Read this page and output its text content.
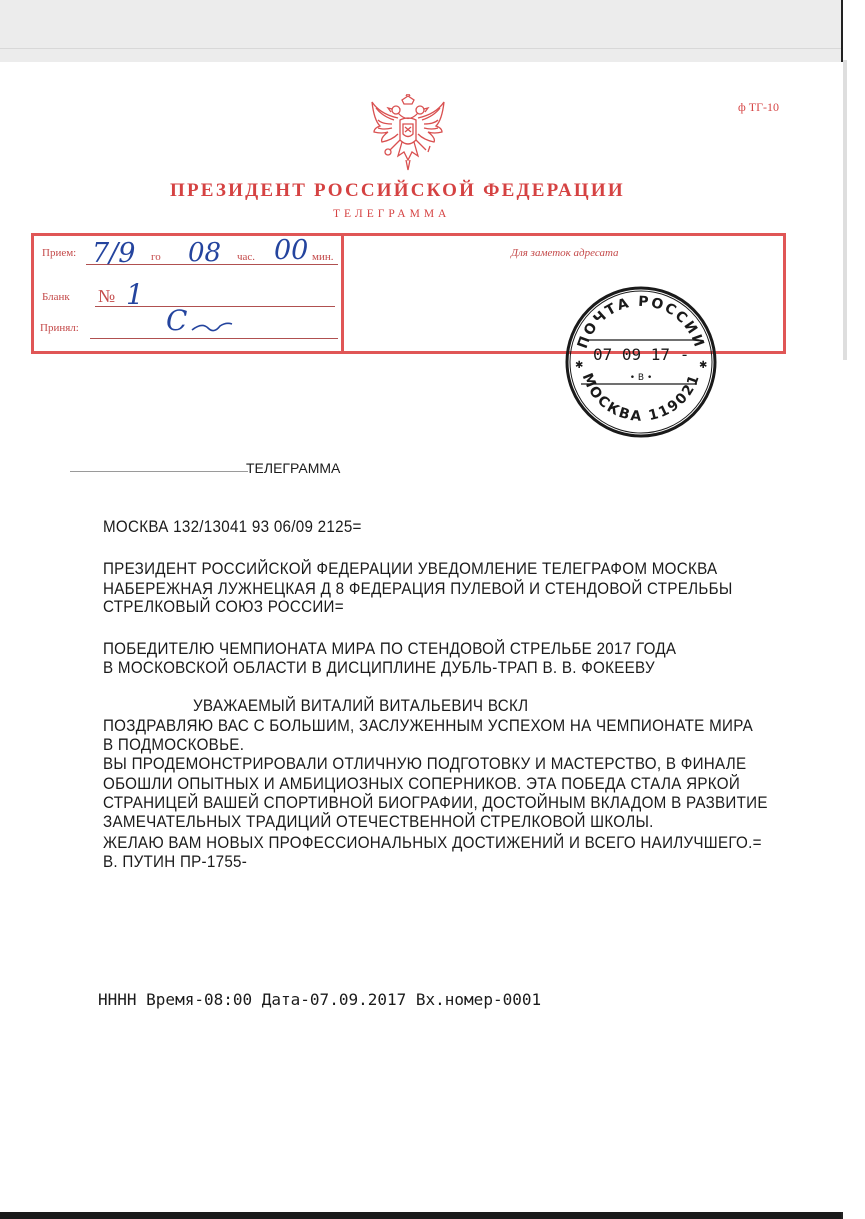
ф ТГ-10
ПРЕЗИДЕНТ РОССИЙСКОЙ ФЕДЕРАЦИИ
ТЕЛЕГРАММА
Прием: 7/9 го 08 час. 00 мин.
Бланк № 1
Принял:	С
Для заметок адресата
ПОЧТА РОССИИ
✱	✱
07 09 17 -
• В •
МОСКВА 119021
ТЕЛЕГРАММА
МОСКВА 132/13041 93 06/09 2125=
ПРЕЗИДЕНТ РОССИЙСКОЙ ФЕДЕРАЦИИ УВЕДОМЛЕНИЕ ТЕЛЕГРАФОМ МОСКВА
НАБЕРЕЖНАЯ ЛУЖНЕЦКАЯ Д 8 ФЕДЕРАЦИЯ ПУЛЕВОЙ И СТЕНДОВОЙ СТРЕЛЬБЫ
СТРЕЛКОВЫЙ СОЮЗ РОССИИ=
ПОБЕДИТЕЛЮ ЧЕМПИОНАТА МИРА ПО СТЕНДОВОЙ СТРЕЛЬБЕ 2017 ГОДА
В МОСКОВСКОЙ ОБЛАСТИ В ДИСЦИПЛИНЕ ДУБЛЬ-ТРАП В. В. ФОКЕЕВУ
УВАЖАЕМЫЙ ВИТАЛИЙ ВИТАЛЬЕВИЧ ВСКЛ
ПОЗДРАВЛЯЮ ВАС С БОЛЬШИМ, ЗАСЛУЖЕННЫМ УСПЕХОМ НА ЧЕМПИОНАТЕ МИРА
В ПОДМОСКОВЬЕ.
ВЫ ПРОДЕМОНСТРИРОВАЛИ ОТЛИЧНУЮ ПОДГОТОВКУ И МАСТЕРСТВО, В ФИНАЛЕ
ОБОШЛИ ОПЫТНЫХ И АМБИЦИОЗНЫХ СОПЕРНИКОВ. ЭТА ПОБЕДА СТАЛА ЯРКОЙ
СТРАНИЦЕЙ ВАШЕЙ СПОРТИВНОЙ БИОГРАФИИ, ДОСТОЙНЫМ ВКЛАДОМ В РАЗВИТИЕ
ЗАМЕЧАТЕЛЬНЫХ ТРАДИЦИЙ ОТЕЧЕСТВЕННОЙ СТРЕЛКОВОЙ ШКОЛЫ.
ЖЕЛАЮ ВАМ НОВЫХ ПРОФЕССИОНАЛЬНЫХ ДОСТИЖЕНИЙ И ВСЕГО НАИЛУЧШЕГО.=
В. ПУТИН ПР-1755-
НННН Время-08:00 Дата-07.09.2017 Вх.номер-0001
